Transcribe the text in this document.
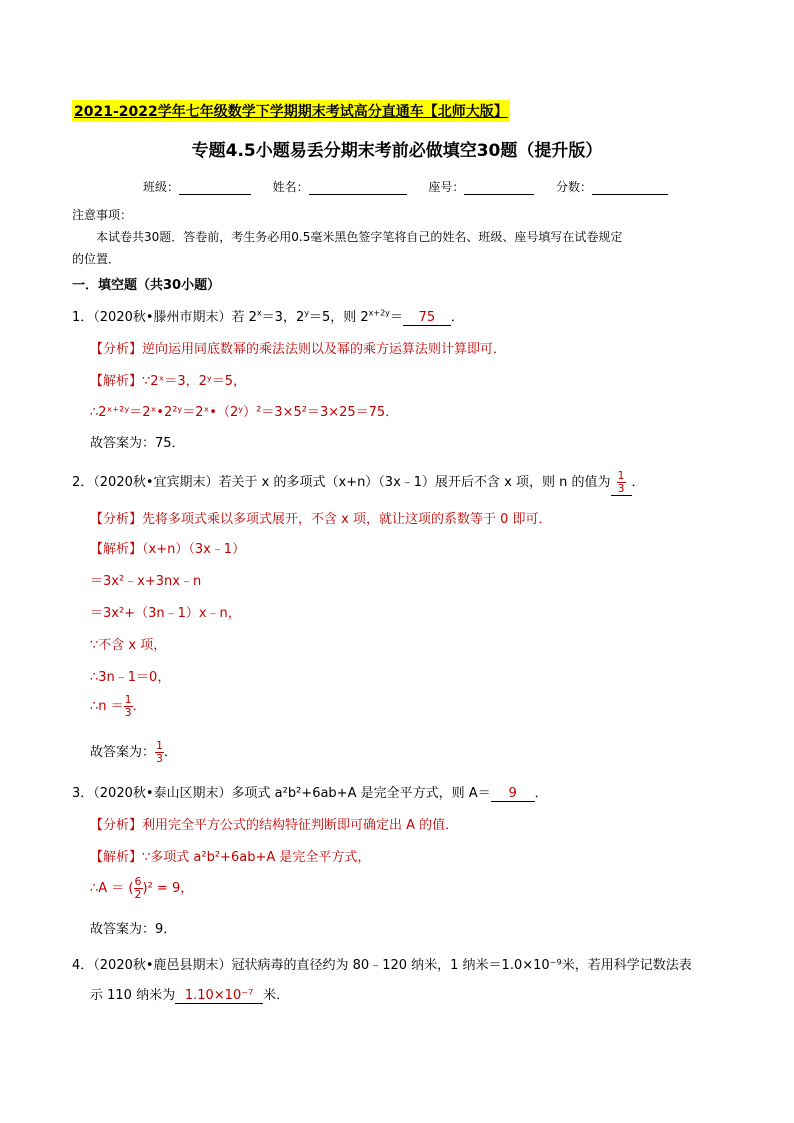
2021-2022学年七年级数学下学期期末考试高分直通车【北师大版】
专题4.5小题易丢分期末考前必做填空30题（提升版）
班级：	姓名：	座号：	分数：
注意事项：
本试卷共30题．答卷前，考生务必用0.5毫米黑色签字笔将自己的姓名、班级、座号填写在试卷规定
的位置．
一．填空题（共30小题）
1．（2020秋•滕州市期末）若 $2^x=3$，$2^y=5$，则 $2^{x+2y}= 75$ ．
【分析】逆向运用同底数幂的乘法法则以及幂的乘方运算法则计算即可．
【解析】∵2ˣ＝3，2ʸ＝5，
∴2ˣ⁺²ʸ＝2ˣ•2²ʸ＝2ˣ•（2ʸ）²＝3×5²＝3×25＝75．
故答案为：75．
2．（2020秋•宜宾期末）若关于 x 的多项式（x+n）（3x﹣1）展开后不含 x 项，则 n 的值为 $\frac{1}{3}$ ．
【分析】先将多项式乘以多项式展开，不含 x 项，就让这项的系数等于 0 即可．
【解析】（x+n）（3x﹣1）
＝3x²﹣x+3nx﹣n
＝3x²+（3n﹣1）x﹣n，
∵不含 x 项，
∴3n﹣1＝0，
∴n ＝ $\frac{1}{3}$ ．
故答案为： $\frac{1}{3}$ ．
3．（2020秋•泰山区期末）多项式 a²b²+6ab+A 是完全平方式，则 A＝ 9 ．
【分析】利用完全平方公式的结构特征判断即可确定出 A 的值．
【解析】∵多项式 a²b²+6ab+A 是完全平方式，
∴A ＝ ( $\frac{6}{2} )^2 = 9$，
故答案为：9．
4．（2020秋•鹿邑县期末）冠状病毒的直径约为 80﹣120 纳米，1 纳米＝1.0×10⁻⁹米，若用科学记数法表
示 110 纳米为 1.10×10⁻⁷ 米．
